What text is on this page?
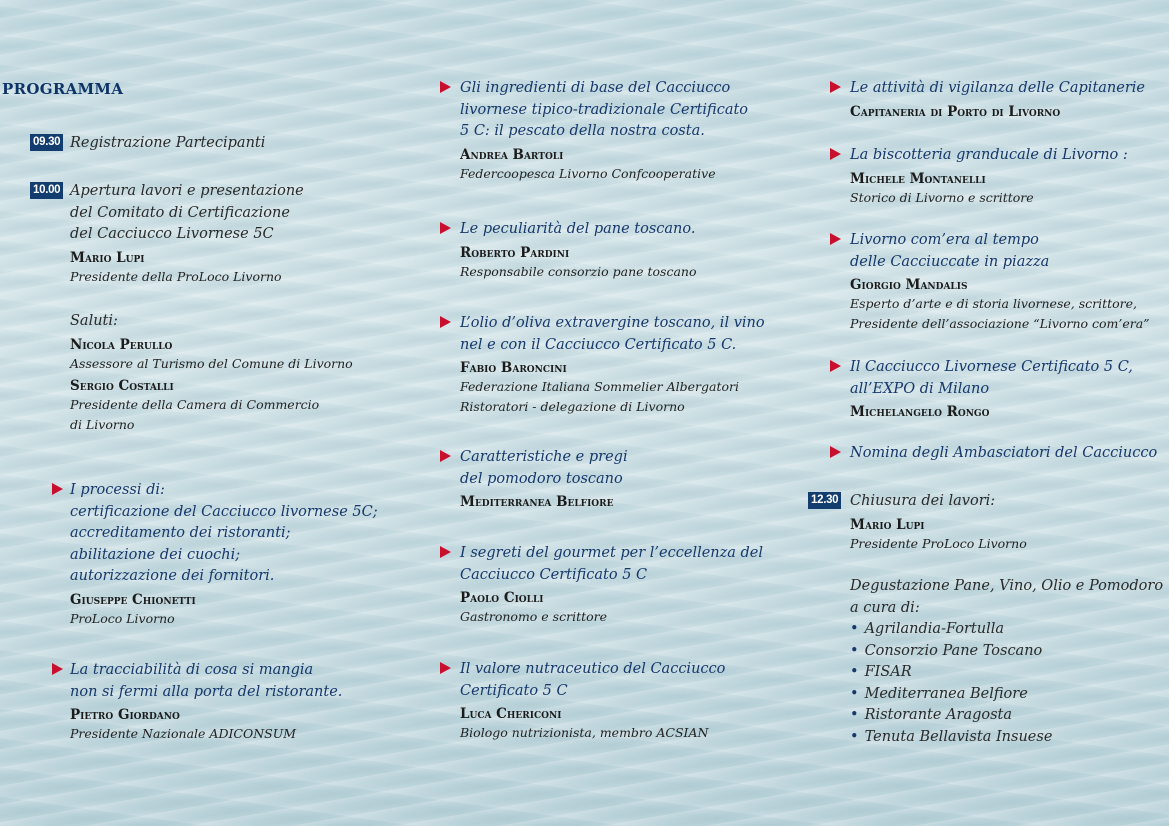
PROGRAMMA
09.30 Registrazione Partecipanti
10.00 Apertura lavori e presentazione
del Comitato di Certificazione
del Cacciucco Livornese 5C
Mario Lupi
Presidente della ProLoco Livorno
Saluti:
Nicola Perullo
Assessore al Turismo del Comune di Livorno
Sergio Costalli
Presidente della Camera di Commercio
di Livorno
I processi di:
certificazione del Cacciucco livornese 5C;
accreditamento dei ristoranti;
abilitazione dei cuochi;
autorizzazione dei fornitori.
Giuseppe Chionetti
ProLoco Livorno
La tracciabilità di cosa si mangia
non si fermi alla porta del ristorante.
Pietro Giordano
Presidente Nazionale ADICONSUM
Gli ingredienti di base del Cacciucco
livornese tipico-tradizionale Certificato
5 C: il pescato della nostra costa.
Andrea Bartoli
Federcoopesca Livorno Confcooperative
Le peculiarità del pane toscano.
Roberto Pardini
Responsabile consorzio pane toscano
L’olio d’oliva extravergine toscano, il vino
nel e con il Cacciucco Certificato 5 C.
Fabio Baroncini
Federazione Italiana Sommelier Albergatori
Ristoratori - delegazione di Livorno
Caratteristiche e pregi
del pomodoro toscano
Mediterranea Belfiore
I segreti del gourmet per l’eccellenza del
Cacciucco Certificato 5 C
Paolo Ciolli
Gastronomo e scrittore
Il valore nutraceutico del Cacciucco
Certificato 5 C
Luca Chericoni
Biologo nutrizionista, membro ACSIAN
Le attività di vigilanza delle Capitanerie
Capitaneria di Porto di Livorno
La biscotteria granducale di Livorno :
Michele Montanelli
Storico di Livorno e scrittore
Livorno com’era al tempo
delle Cacciuccate in piazza
Giorgio Mandalis
Esperto d’arte e di storia livornese, scrittore,
Presidente dell’associazione “Livorno com’era”
Il Cacciucco Livornese Certificato 5 C,
all’EXPO di Milano
Michelangelo Rongo
Nomina degli Ambasciatori del Cacciucco
12.30 Chiusura dei lavori:
Mario Lupi
Presidente ProLoco Livorno
Degustazione Pane, Vino, Olio e Pomodoro
a cura di:
• Agrilandia-Fortulla
• Consorzio Pane Toscano
• FISAR
• Mediterranea Belfiore
• Ristorante Aragosta
• Tenuta Bellavista Insuese
